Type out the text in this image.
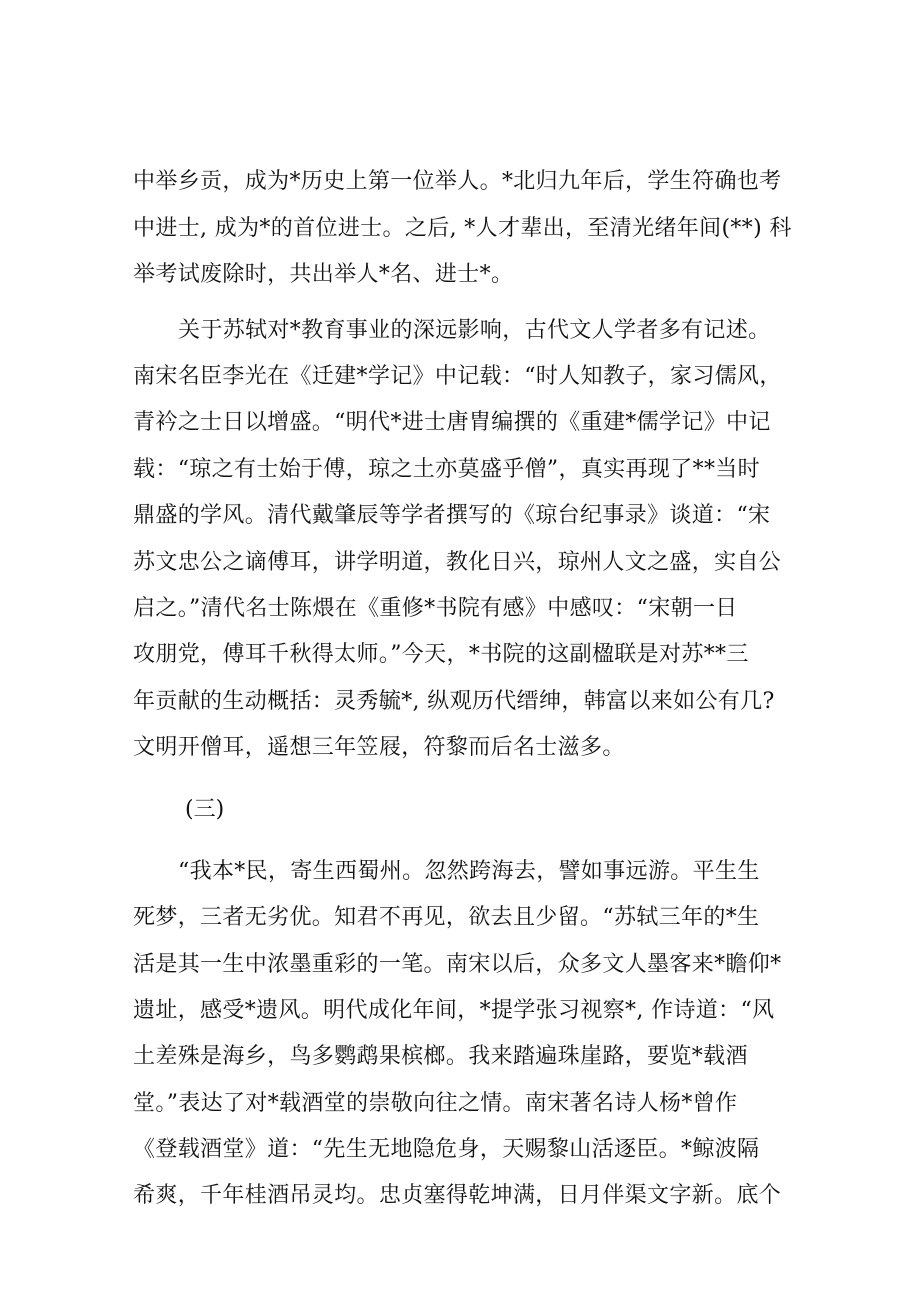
中举乡贡，成为*历史上第一位举人。*北归九年后，学生符确也考
中进士, 成为*的首位进士。之后, *人才辈出，至清光绪年间(**) 科
举考试废除时，共出举人*名、进士*。
关于苏轼对*教育事业的深远影响，古代文人学者多有记述。
南宋名臣李光在《迁建*学记》中记载：“时人知教子，家习儒风，
青衿之士日以增盛。“明代*进士唐胄编撰的《重建*儒学记》中记
载：“琼之有士始于傅，琼之土亦莫盛乎僧”，真实再现了**当时
鼎盛的学风。清代戴肇辰等学者撰写的《琼台纪事录》谈道：“宋
苏文忠公之谪傅耳，讲学明道，教化日兴，琼州人文之盛，实自公
启之。”清代名士陈煨在《重修*书院有感》中感叹：“宋朝一日
攻朋党，傅耳千秋得太师。”今天，*书院的这副楹联是对苏**三
年贡献的生动概括：灵秀毓*, 纵观历代缙绅，韩富以来如公有几?
文明开僧耳，遥想三年笠屐，符黎而后名士滋多。
(三)
“我本*民，寄生西蜀州。忽然跨海去，譬如事远游。平生生
死梦，三者无劣优。知君不再见，欲去且少留。“苏轼三年的*生
活是其一生中浓墨重彩的一笔。南宋以后，众多文人墨客来*瞻仰*
遗址，感受*遗风。明代成化年间，*提学张习视察*, 作诗道：“风
土差殊是海乡，鸟多鹦鹉果槟榔。我来踏遍珠崖路，要览*载酒
堂。”表达了对*载酒堂的崇敬向往之情。南宋著名诗人杨*曾作
《登载酒堂》道：“先生无地隐危身，天赐黎山活逐臣。*鲸波隔
希爽，千年桂酒吊灵均。忠贞塞得乾坤满，日月伴渠文字新。底个
